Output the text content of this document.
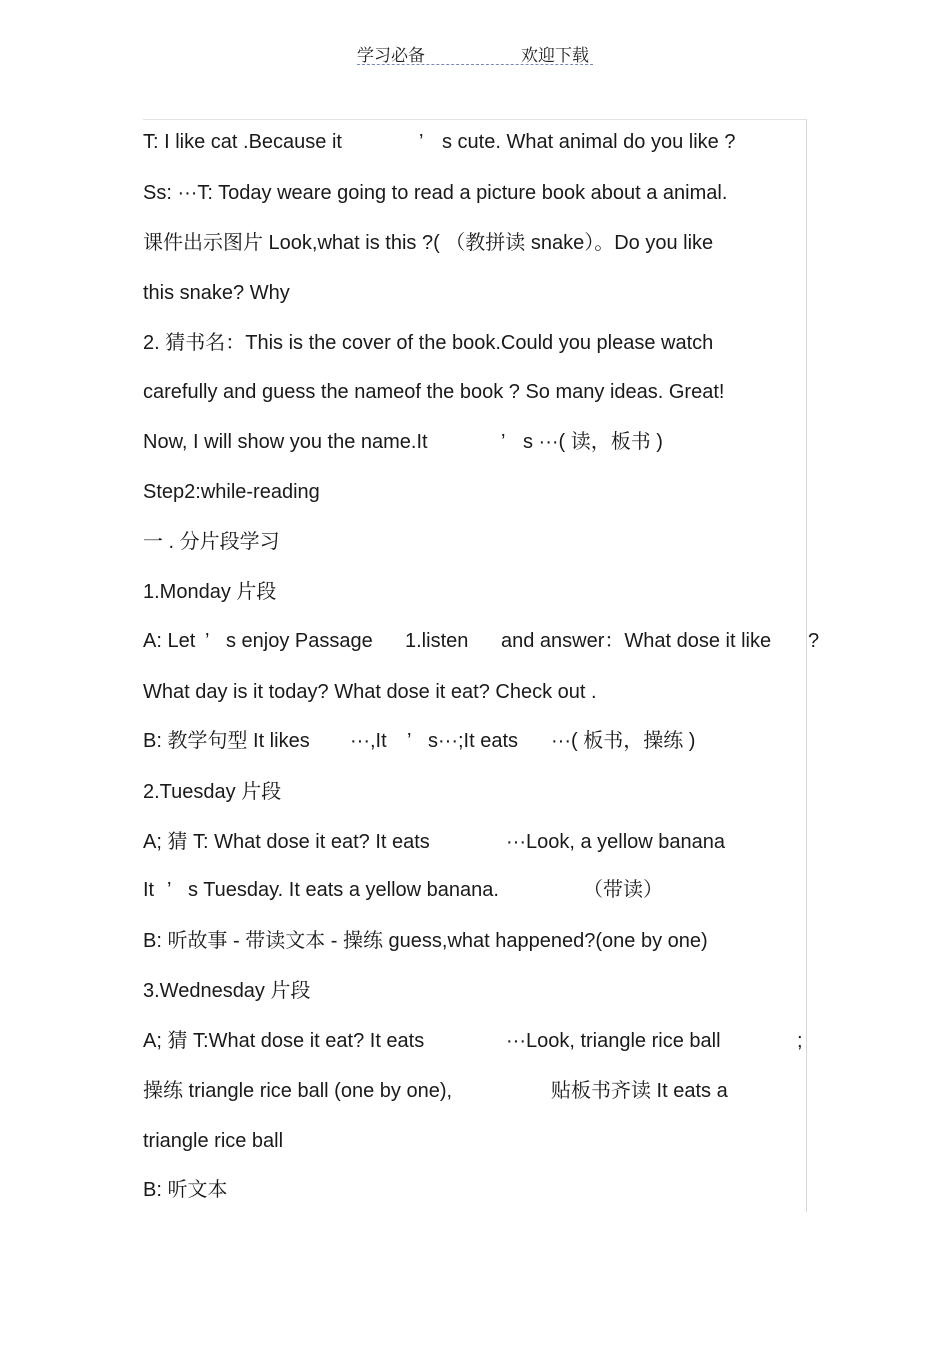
学习必备	欢迎下载
T: I like cat .Because it	’ s cute. What animal do you like ?
Ss: ···T: Today weare going to read a picture book about a animal.
课件出示图片 Look,what is this ?( （教拼读 snake）。Do you like
this snake? Why
2. 猜书名：This is the cover of the book.Could you please watch
carefully and guess the nameof the book ? So many ideas. Great!
Now, I will show you the name.It	’ s ···( 读，板书 )
Step2:while-reading
一 . 分片段学习
1.Monday 片段
A: Let ’ s enjoy Passage 1.listen and answer：What dose it like ?
What day is it today? What dose it eat? Check out .
B: 教学句型 It likes ···,It ’ s···;It eats ···( 板书，操练 )
2.Tuesday 片段
A; 猜 T: What dose it eat? It eats	···Look, a yellow banana
It ’ s Tuesday. It eats a yellow banana.	（带读）
B: 听故事 - 带读文本 - 操练 guess,what happened?(one by one)
3.Wednesday 片段
A; 猜 T:What dose it eat? It eats	···Look, triangle rice ball	;
操练 triangle rice ball (one by one),	贴板书齐读 It eats a
triangle rice ball
B: 听文本
